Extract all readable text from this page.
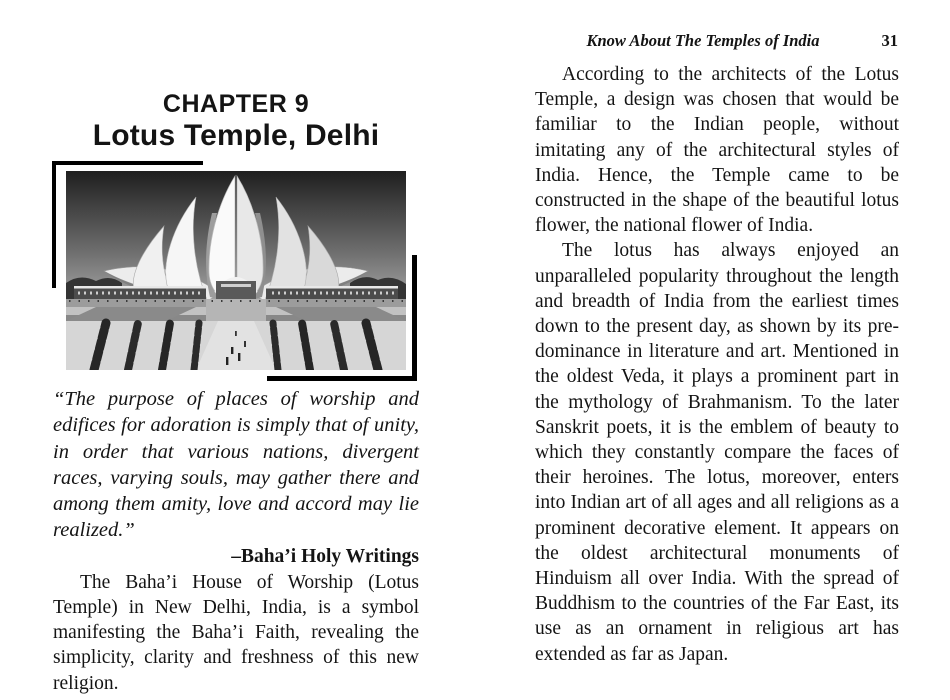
CHAPTER 9
Lotus Temple, Delhi

“The purpose of places of worship and edifices for adoration is simply that of unity, in order that various nations, divergent races, varying souls, may gather there and among them amity, love and accord may lie realized.”

–Baha’i Holy Writings

The Baha’i House of Worship (Lotus Temple) in New Delhi, India, is a symbol manifesting the Baha’i Faith, revealing the simplicity, clarity and freshness of this new religion.

Know About The Temples of India	31

According to the architects of the Lotus Temple, a design was chosen that would be familiar to the Indian people, without imitating any of the architectural styles of India. Hence, the Temple came to be constructed in the shape of the beautiful lotus flower, the national flower of India.

The lotus has always enjoyed an unparalleled popularity throughout the length and breadth of India from the earliest times down to the present day, as shown by its pre-dominance in literature and art. Mentioned in the oldest Veda, it plays a prominent part in the mythology of Brahmanism. To the later Sanskrit poets, it is the emblem of beauty to which they constantly compare the faces of their heroines. The lotus, moreover, enters into Indian art of all ages and all religions as a prominent decorative element. It appears on the oldest architectural monuments of Hinduism all over India. With the spread of Buddhism to the countries of the Far East, its use as an ornament in religious art has extended as far as Japan.
